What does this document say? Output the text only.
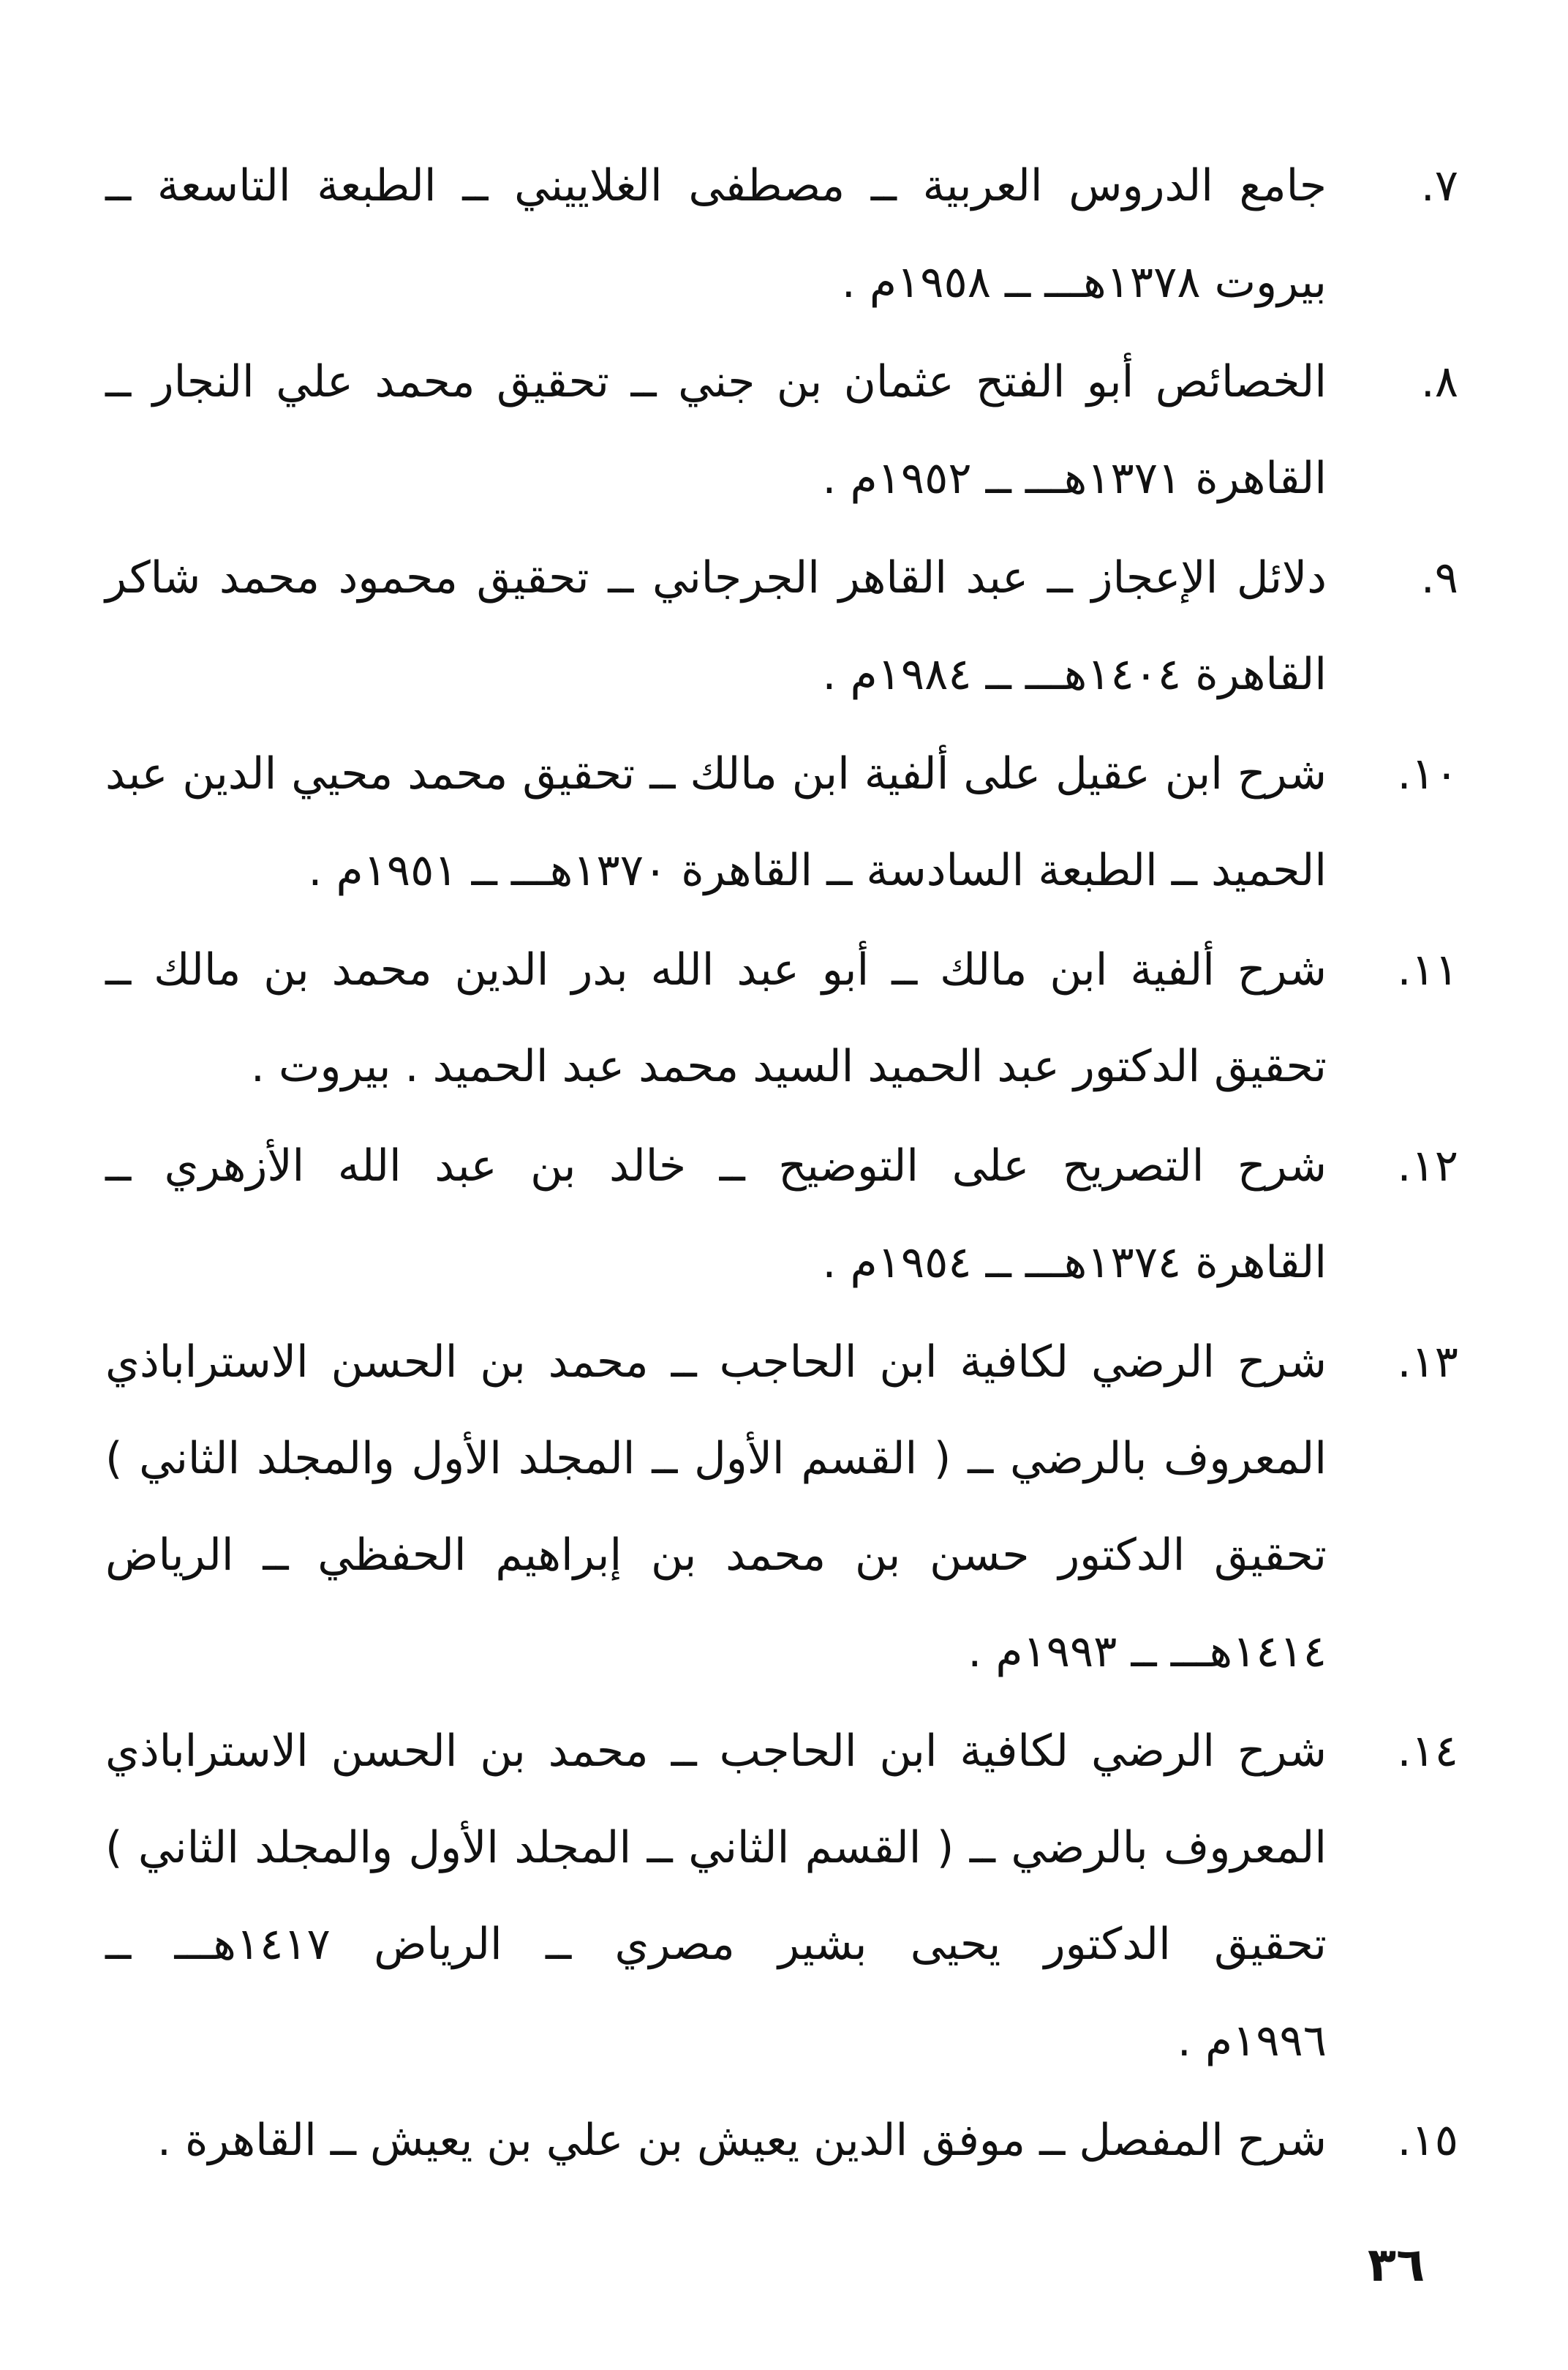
٧.
جامع الدروس العربية ــ مصطفى الغلاييني ــ الطبعة التاسعة ــ
بيروت ١٣٧٨هـــ ــ ١٩٥٨م .
٨.
الخصائص أبو الفتح عثمان بن جني ــ تحقيق محمد علي النجار ــ
القاهرة ١٣٧١هـــ ــ ١٩٥٢م .
٩.
دلائل الإعجاز ــ عبد القاهر الجرجاني ــ تحقيق محمود محمد شاكر
القاهرة ١٤٠٤هـــ ــ ١٩٨٤م .
١٠.
شرح ابن عقيل على ألفية ابن مالك ــ تحقيق محمد محيي الدين عبد
الحميد ــ الطبعة السادسة ــ القاهرة ١٣٧٠هـــ ــ ١٩٥١م .
١١.
شرح ألفية ابن مالك ــ أبو عبد الله بدر الدين محمد بن مالك ــ
تحقيق الدكتور عبد الحميد السيد محمد عبد الحميد . بيروت .
١٢.
شرح التصريح على التوضيح ــ خالد بن عبد الله الأزهري ــ
القاهرة ١٣٧٤هـــ ــ ١٩٥٤م .
١٣.
شرح الرضي لكافية ابن الحاجب ــ محمد بن الحسن الاستراباذي
المعروف بالرضي ــ ( القسم الأول ــ المجلد الأول والمجلد الثاني )
تحقيق الدكتور حسن بن محمد بن إبراهيم الحفظي ــ الرياض
١٤١٤هـــ ــ ١٩٩٣م .
١٤.
شرح الرضي لكافية ابن الحاجب ــ محمد بن الحسن الاستراباذي
المعروف بالرضي ــ ( القسم الثاني ــ المجلد الأول والمجلد الثاني )
تحقيق الدكتور يحيى بشير مصري ــ الرياض ١٤١٧هـــ ــ
١٩٩٦م .
١٥.
شرح المفصل ــ موفق الدين يعيش بن علي بن يعيش ــ القاهرة .
٣٦
